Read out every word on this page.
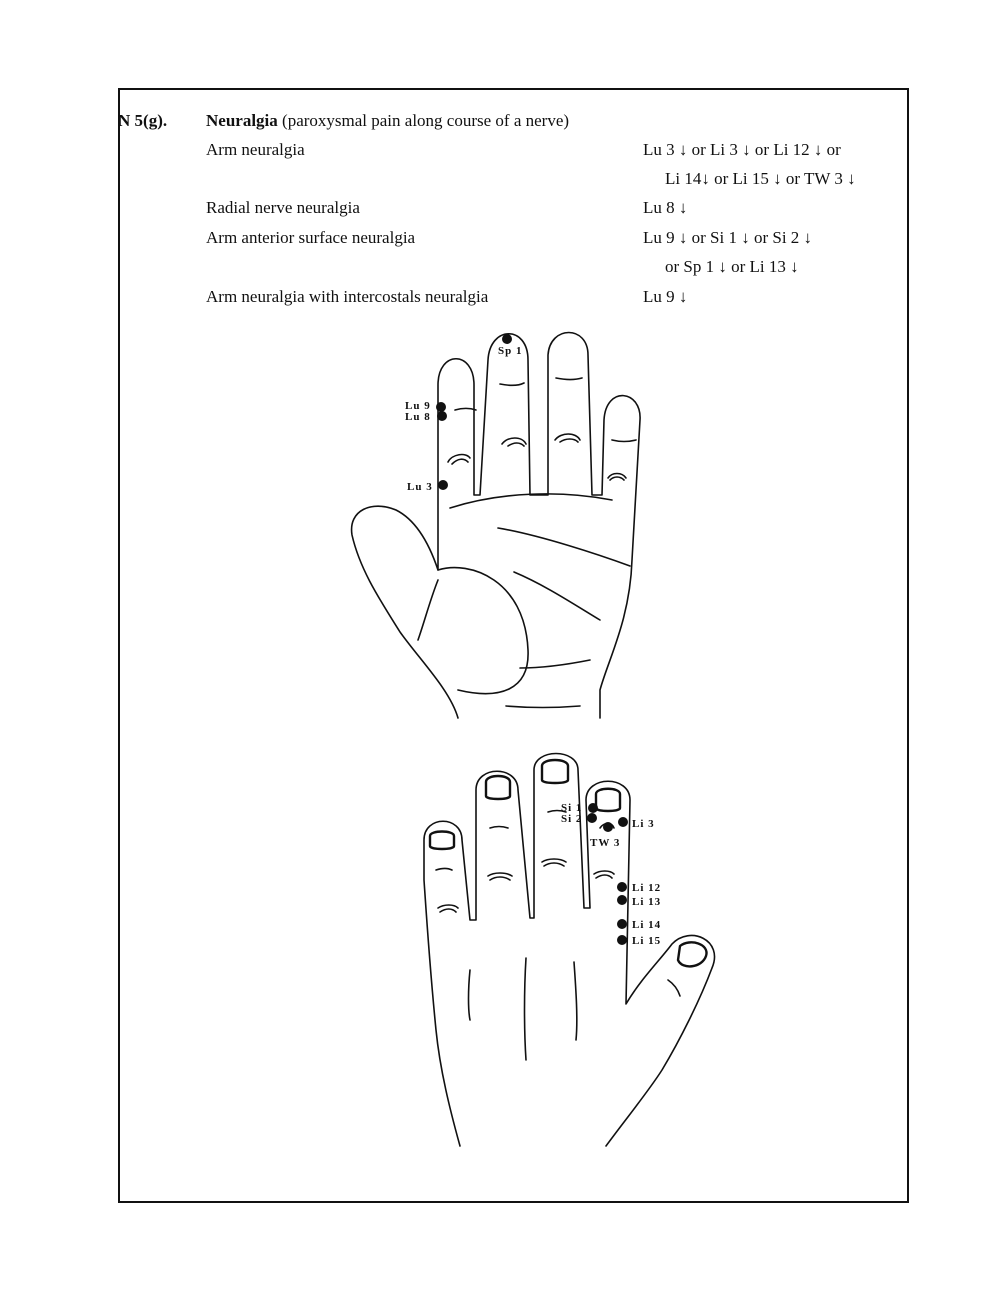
N 5(g). Neuralgia (paroxysmal pain along course of a nerve)
Arm neuralgia	Lu 3 ↓ or Li 3 ↓ or Li 12 ↓ or
Li 14↓ or Li 15 ↓ or TW 3 ↓
Radial nerve neuralgia	Lu 8 ↓
Arm anterior surface neuralgia	Lu 9 ↓ or Si 1 ↓ or Si 2 ↓
or Sp 1 ↓ or Li 13 ↓
Arm neuralgia with intercostals neuralgia	Lu 9 ↓
Sp 1
Lu 9
Lu 8
Lu 3
Si 1
Si 2	Li 3
TW 3
Li 12
Li 13
Li 14
Li 15
